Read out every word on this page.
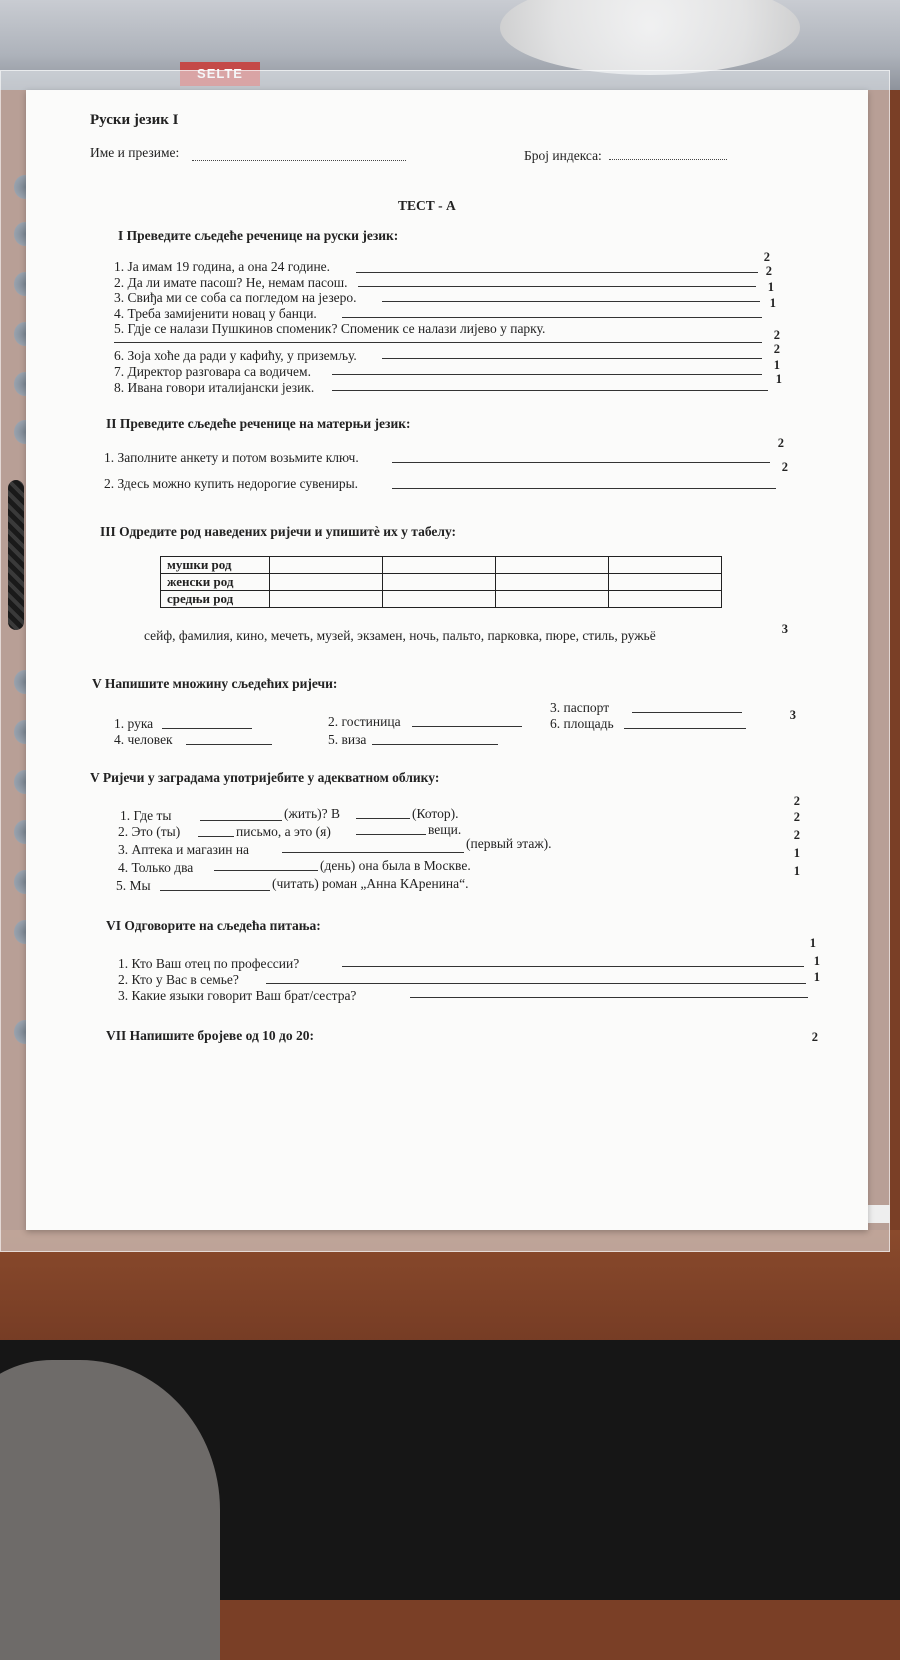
Руски језик I
Име и презиме:	Број индекса:
ТЕСТ - А
I Преведите сљедеће реченице на руски језик:
1. Ја имам 19 година, а она 24 године.
2
2. Да ли имате пасош? Не, немам пасош.
2
3. Свиђа ми се соба са погледом на језеро.
1
4. Треба замијенити новац у банци.
1
5. Гдје се налази Пушкинов споменик? Споменик се налази лијево у парку.	2
6. Зоја хоће да ради у кафићу, у приземљу.	2
7. Директор разговара са водичем.	1
8. Ивана говори италијански језик.
1
II Преведите сљедеће реченице на матерњи језик:
1. Заполните анкету и потом возьмите ключ.
2
2. Здесь можно купить недорогие сувениры.
2
III Одредите род наведених ријечи и упишитѐ их у табелу:
мушки род				
женски род				
средњи род				
сейф, фамилия, кино, мечеть, музей, экзамен, ночь, пальто, парковка, пюре, стиль, ружьё	3
V Напишите множину сљедећих ријечи:
1. рука	2. гостиница
3. паспорт
4. человек	5. виза
6. площадь
3
V Ријечи у заградама употријебите у адекватном облику:
1. Где ты	(жить)? В	(Котор).
2. Это (ты)	письмо, а это (я)	вещи.
3. Аптека и магазин на	(первый этаж).
4. Только два	(день) она была в Москве.
5. Мы	(читать) роман „Анна КАренина“.
2
2
2
1
1
VI Одговорите на сљедећа питања:
1. Кто Ваш отец по профессии?
1
2. Кто у Вас в семье?
1
3. Какие языки говорит Ваш брат/сестра?
1
VII Напишите бројеве од 10 до 20:	2
